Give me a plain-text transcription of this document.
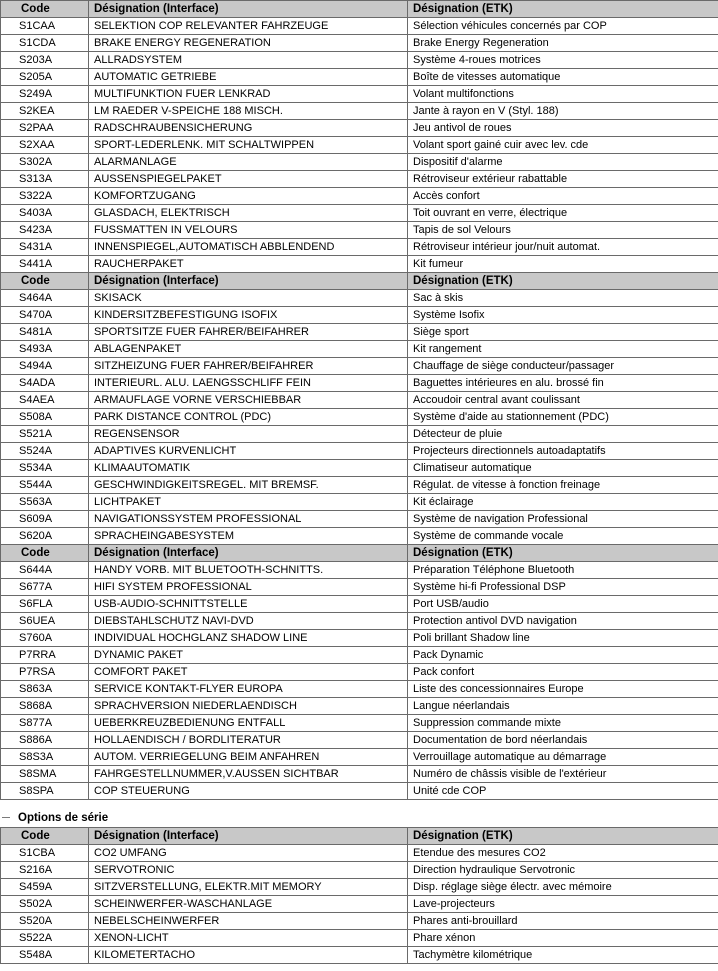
Code	Désignation (Interface)	Désignation (ETK)
S1CAA	SELEKTION COP RELEVANTER FAHRZEUGE	Sélection véhicules concernés par COP
S1CDA	BRAKE ENERGY REGENERATION	Brake Energy Regeneration
S203A	ALLRADSYSTEM	Système 4-roues motrices
S205A	AUTOMATIC GETRIEBE	Boîte de vitesses automatique
S249A	MULTIFUNKTION FUER LENKRAD	Volant multifonctions
S2KEA	LM RAEDER V-SPEICHE 188 MISCH.	Jante à rayon en V (Styl. 188)
S2PAA	RADSCHRAUBENSICHERUNG	Jeu antivol de roues
S2XAA	SPORT-LEDERLENK. MIT SCHALTWIPPEN	Volant sport gainé cuir avec lev. cde
S302A	ALARMANLAGE	Dispositif d'alarme
S313A	AUSSENSPIEGELPAKET	Rétroviseur extérieur rabattable
S322A	KOMFORTZUGANG	Accès confort
S403A	GLASDACH, ELEKTRISCH	Toit ouvrant en verre, électrique
S423A	FUSSMATTEN IN VELOURS	Tapis de sol Velours
S431A	INNENSPIEGEL,AUTOMATISCH ABBLENDEND	Rétroviseur intérieur jour/nuit automat.
S441A	RAUCHERPAKET	Kit fumeur
Code	Désignation (Interface)	Désignation (ETK)
S464A	SKISACK	Sac à skis
S470A	KINDERSITZBEFESTIGUNG ISOFIX	Système Isofix
S481A	SPORTSITZE FUER FAHRER/BEIFAHRER	Siège sport
S493A	ABLAGENPAKET	Kit rangement
S494A	SITZHEIZUNG FUER FAHRER/BEIFAHRER	Chauffage de siège conducteur/passager
S4ADA	INTERIEURL. ALU. LAENGSSCHLIFF FEIN	Baguettes intérieures en alu. brossé fin
S4AEA	ARMAUFLAGE VORNE VERSCHIEBBAR	Accoudoir central avant coulissant
S508A	PARK DISTANCE CONTROL (PDC)	Système d'aide au stationnement (PDC)
S521A	REGENSENSOR	Détecteur de pluie
S524A	ADAPTIVES KURVENLICHT	Projecteurs directionnels autoadaptatifs
S534A	KLIMAAUTOMATIK	Climatiseur automatique
S544A	GESCHWINDIGKEITSREGEL. MIT BREMSF.	Régulat. de vitesse à fonction freinage
S563A	LICHTPAKET	Kit éclairage
S609A	NAVIGATIONSSYSTEM PROFESSIONAL	Système de navigation Professional
S620A	SPRACHEINGABESYSTEM	Système de commande vocale
Code	Désignation (Interface)	Désignation (ETK)
S644A	HANDY VORB. MIT BLUETOOTH-SCHNITTS.	Préparation Téléphone Bluetooth
S677A	HIFI SYSTEM PROFESSIONAL	Système hi-fi Professional DSP
S6FLA	USB-AUDIO-SCHNITTSTELLE	Port USB/audio
S6UEA	DIEBSTAHLSCHUTZ NAVI-DVD	Protection antivol DVD navigation
S760A	INDIVIDUAL HOCHGLANZ SHADOW LINE	Poli brillant Shadow line
P7RRA	DYNAMIC PAKET	Pack Dynamic
P7RSA	COMFORT PAKET	Pack confort
S863A	SERVICE KONTAKT-FLYER EUROPA	Liste des concessionnaires Europe
S868A	SPRACHVERSION NIEDERLAENDISCH	Langue néerlandais
S877A	UEBERKREUZBEDIENUNG ENTFALL	Suppression commande mixte
S886A	HOLLAENDISCH / BORDLITERATUR	Documentation de bord néerlandais
S8S3A	AUTOM. VERRIEGELUNG BEIM ANFAHREN	Verrouillage automatique au démarrage
S8SMA	FAHRGESTELLNUMMER,V.AUSSEN SICHTBAR	Numéro de châssis visible de l'extérieur
S8SPA	COP STEUERUNG	Unité cde COP
Options de série
Code	Désignation (Interface)	Désignation (ETK)
S1CBA	CO2 UMFANG	Etendue des mesures CO2
S216A	SERVOTRONIC	Direction hydraulique Servotronic
S459A	SITZVERSTELLUNG, ELEKTR.MIT MEMORY	Disp. réglage siège électr. avec mémoire
S502A	SCHEINWERFER-WASCHANLAGE	Lave-projecteurs
S520A	NEBELSCHEINWERFER	Phares anti-brouillard
S522A	XENON-LICHT	Phare xénon
S548A	KILOMETERTACHO	Tachymètre kilométrique
